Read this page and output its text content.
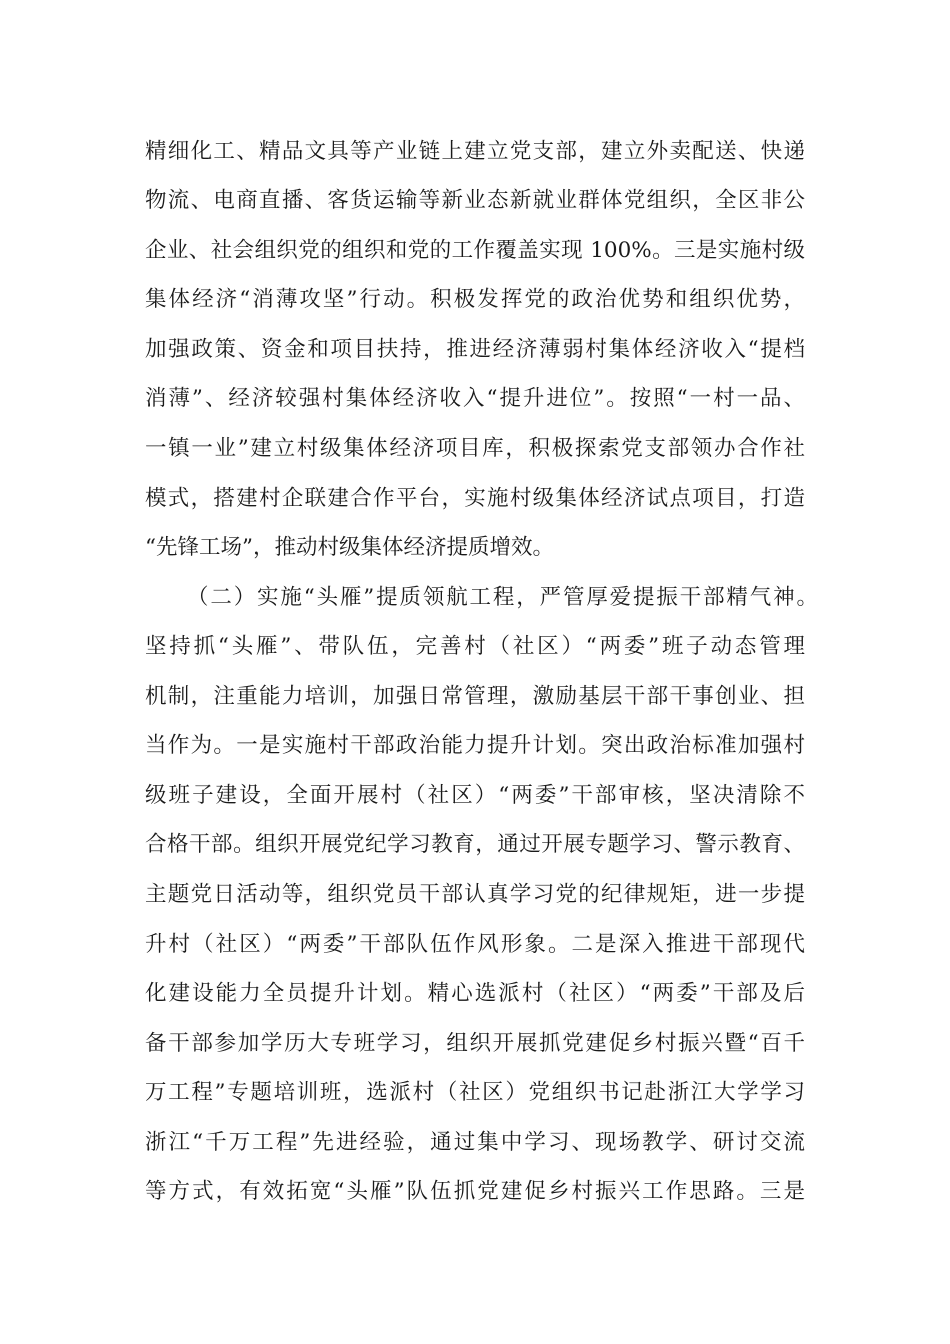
精细化工、精品文具等产业链上建立党支部，建立外卖配送、快递
物流、电商直播、客货运输等新业态新就业群体党组织，全区非公
企业、社会组织党的组织和党的工作覆盖实现 100%。三是实施村级
集体经济“消薄攻坚”行动。积极发挥党的政治优势和组织优势，
加强政策、资金和项目扶持，推进经济薄弱村集体经济收入“提档
消薄”、经济较强村集体经济收入“提升进位”。按照“一村一品、
一镇一业”建立村级集体经济项目库，积极探索党支部领办合作社
模式，搭建村企联建合作平台，实施村级集体经济试点项目，打造
“先锋工场”，推动村级集体经济提质增效。
（二）实施“头雁”提质领航工程，严管厚爱提振干部精气神。
坚持抓“头雁”、带队伍，完善村（社区）“两委”班子动态管理
机制，注重能力培训，加强日常管理，激励基层干部干事创业、担
当作为。一是实施村干部政治能力提升计划。突出政治标准加强村
级班子建设，全面开展村（社区）“两委”干部审核，坚决清除不
合格干部。组织开展党纪学习教育，通过开展专题学习、警示教育、
主题党日活动等，组织党员干部认真学习党的纪律规矩，进一步提
升村（社区）“两委”干部队伍作风形象。二是深入推进干部现代
化建设能力全员提升计划。精心选派村（社区）“两委”干部及后
备干部参加学历大专班学习，组织开展抓党建促乡村振兴暨“百千
万工程”专题培训班，选派村（社区）党组织书记赴浙江大学学习
浙江“千万工程”先进经验，通过集中学习、现场教学、研讨交流
等方式，有效拓宽“头雁”队伍抓党建促乡村振兴工作思路。三是
